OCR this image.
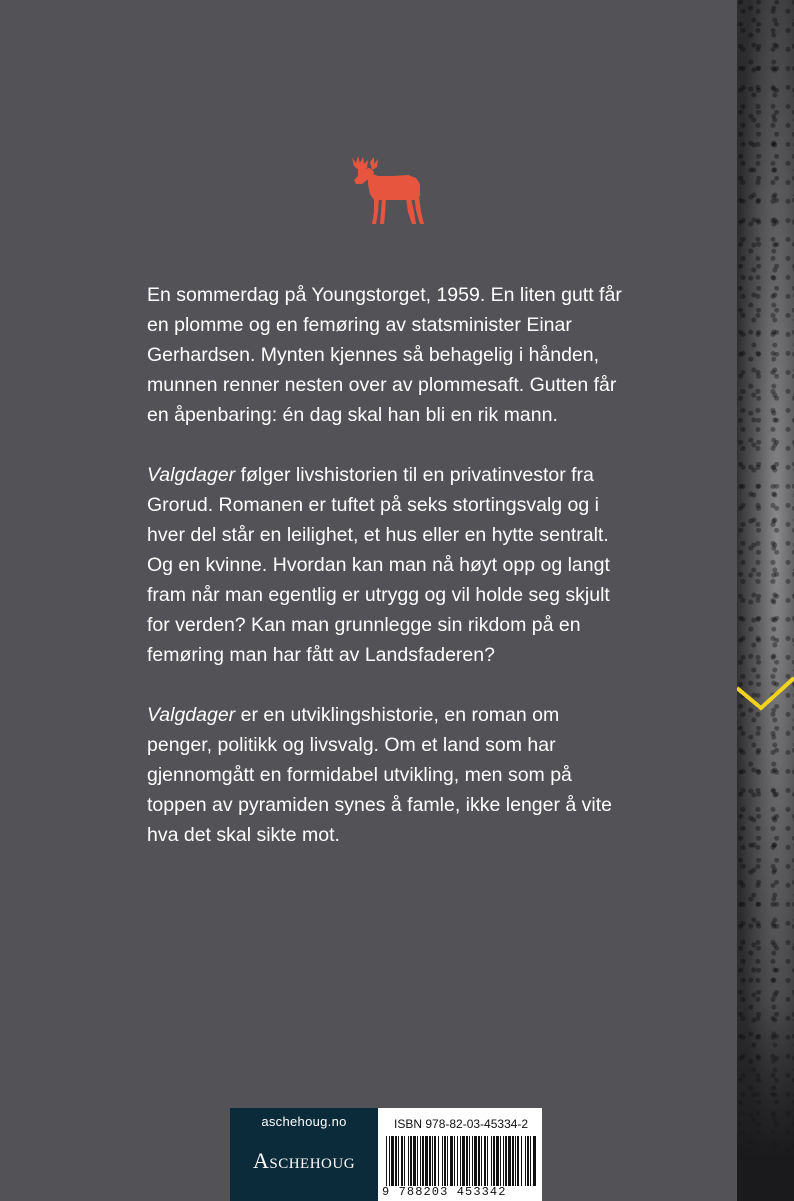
En sommerdag på Youngstorget, 1959. En liten gutt får en plomme og en femøring av statsminister Einar Gerhardsen. Mynten kjennes så behagelig i hånden, munnen renner nesten over av plommesaft. Gutten får en åpenbaring: én dag skal han bli en rik mann.

Valgdager følger livshistorien til en privatinvestor fra Grorud. Romanen er tuftet på seks stortingsvalg og i hver del står en leilighet, et hus eller en hytte sentralt. Og en kvinne. Hvordan kan man nå høyt opp og langt fram når man egentlig er utrygg og vil holde seg skjult for verden? Kan man grunnlegge sin rikdom på en femøring man har fått av Landsfaderen?

Valgdager er en utviklingshistorie, en roman om penger, politikk og livsvalg. Om et land som har gjennomgått en formidabel utvikling, men som på toppen av pyramiden synes å famle, ikke lenger å vite hva det skal sikte mot.

aschehoug.no
Aschehoug
ISBN 978-82-03-45334-2
9 788203 453342
